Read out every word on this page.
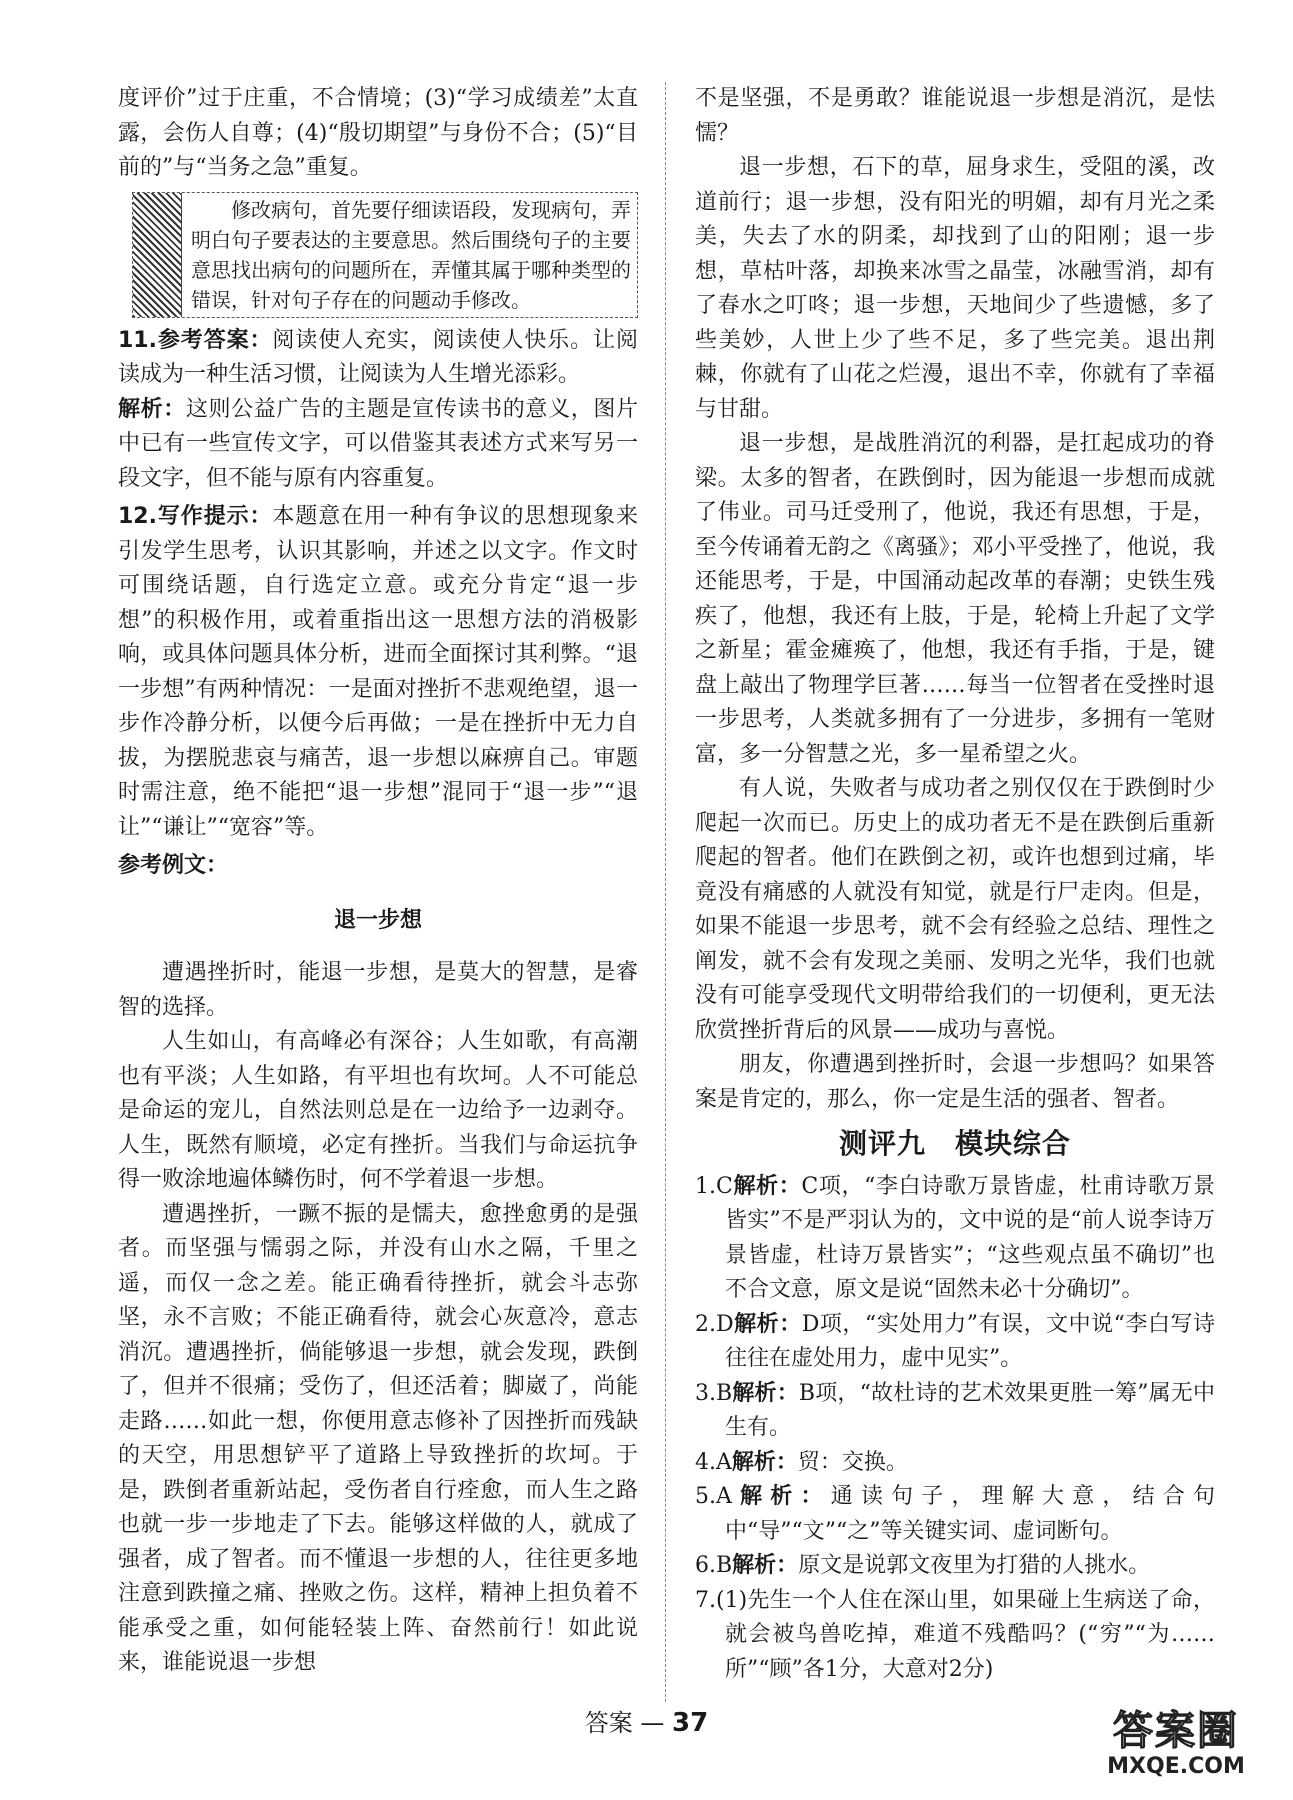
度评价”过于庄重，不合情境；(3)“学习成绩差”太直露，会伤人自尊；(4)“殷切期望”与身份不合；(5)“目前的”与“当务之急”重复。

修改病句，首先要仔细读语段，发现病句，弄明白句子要表达的主要意思。然后围绕句子的主要意思找出病句的问题所在，弄懂其属于哪种类型的错误，针对句子存在的问题动手修改。

11.参考答案：阅读使人充实，阅读使人快乐。让阅读成为一种生活习惯，让阅读为人生增光添彩。

解析：这则公益广告的主题是宣传读书的意义，图片中已有一些宣传文字，可以借鉴其表述方式来写另一段文字，但不能与原有内容重复。

12.写作提示：本题意在用一种有争议的思想现象来引发学生思考，认识其影响，并述之以文字。作文时可围绕话题，自行选定立意。或充分肯定“退一步想”的积极作用，或着重指出这一思想方法的消极影响，或具体问题具体分析，进而全面探讨其利弊。“退一步想”有两种情况：一是面对挫折不悲观绝望，退一步作冷静分析，以便今后再做；一是在挫折中无力自拔，为摆脱悲哀与痛苦，退一步想以麻痹自己。审题时需注意，绝不能把“退一步想”混同于“退一步”“退让”“谦让”“宽容”等。

参考例文：

退一步想

遭遇挫折时，能退一步想，是莫大的智慧，是睿智的选择。

人生如山，有高峰必有深谷；人生如歌，有高潮也有平淡；人生如路，有平坦也有坎坷。人不可能总是命运的宠儿，自然法则总是在一边给予一边剥夺。人生，既然有顺境，必定有挫折。当我们与命运抗争得一败涂地遍体鳞伤时，何不学着退一步想。

遭遇挫折，一蹶不振的是懦夫，愈挫愈勇的是强者。而坚强与懦弱之际，并没有山水之隔，千里之遥，而仅一念之差。能正确看待挫折，就会斗志弥坚，永不言败；不能正确看待，就会心灰意冷，意志消沉。遭遇挫折，倘能够退一步想，就会发现，跌倒了，但并不很痛；受伤了，但还活着；脚崴了，尚能走路……如此一想，你便用意志修补了因挫折而残缺的天空，用思想铲平了道路上导致挫折的坎坷。于是，跌倒者重新站起，受伤者自行痊愈，而人生之路也就一步一步地走了下去。能够这样做的人，就成了强者，成了智者。而不懂退一步想的人，往往更多地注意到跌撞之痛、挫败之伤。这样，精神上担负着不能承受之重，如何能轻装上阵、奋然前行！如此说来，谁能说退一步想

不是坚强，不是勇敢？谁能说退一步想是消沉，是怯懦？

退一步想，石下的草，屈身求生，受阻的溪，改道前行；退一步想，没有阳光的明媚，却有月光之柔美，失去了水的阴柔，却找到了山的阳刚；退一步想，草枯叶落，却换来冰雪之晶莹，冰融雪消，却有了春水之叮咚；退一步想，天地间少了些遗憾，多了些美妙，人世上少了些不足，多了些完美。退出荆棘，你就有了山花之烂漫，退出不幸，你就有了幸福与甘甜。

退一步想，是战胜消沉的利器，是扛起成功的脊梁。太多的智者，在跌倒时，因为能退一步想而成就了伟业。司马迁受刑了，他说，我还有思想，于是，至今传诵着无韵之《离骚》；邓小平受挫了，他说，我还能思考，于是，中国涌动起改革的春潮；史铁生残疾了，他想，我还有上肢，于是，轮椅上升起了文学之新星；霍金瘫痪了，他想，我还有手指，于是，键盘上敲出了物理学巨著……每当一位智者在受挫时退一步思考，人类就多拥有了一分进步，多拥有一笔财富，多一分智慧之光，多一星希望之火。

有人说，失败者与成功者之别仅仅在于跌倒时少爬起一次而已。历史上的成功者无不是在跌倒后重新爬起的智者。他们在跌倒之初，或许也想到过痛，毕竟没有痛感的人就没有知觉，就是行尸走肉。但是，如果不能退一步思考，就不会有经验之总结、理性之阐发，就不会有发现之美丽、发明之光华，我们也就没有可能享受现代文明带给我们的一切便利，更无法欣赏挫折背后的风景——成功与喜悦。

朋友，你遭遇到挫折时，会退一步想吗？如果答案是肯定的，那么，你一定是生活的强者、智者。

测评九　模块综合

1.C解析：C项，“李白诗歌万景皆虚，杜甫诗歌万景皆实”不是严羽认为的，文中说的是“前人说李诗万景皆虚，杜诗万景皆实”；“这些观点虽不确切”也不合文意，原文是说“固然未必十分确切”。

2.D解析：D项，“实处用力”有误，文中说“李白写诗往往在虚处用力，虚中见实”。

3.B解析：B项，“故杜诗的艺术效果更胜一筹”属无中生有。

4.A解析：贸：交换。

5.A解析：通读句子，理解大意，结合句中“导”“文”“之”等关键实词、虚词断句。

6.B解析：原文是说郭文夜里为打猎的人挑水。

7.(1)先生一个人住在深山里，如果碰上生病送了命，就会被鸟兽吃掉，难道不残酷吗？(“穷”“为……所”“顾”各1分，大意对2分)

答案 — 37	答案圈
MXQE.COM
